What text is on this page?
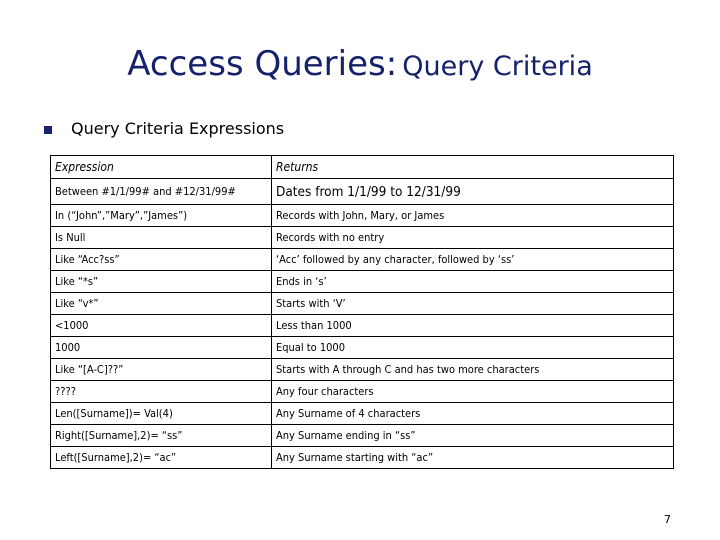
Access Queries: Query Criteria
Query Criteria Expressions
Expression	Returns
Between #1/1/99# and #12/31/99#	Dates from 1/1/99 to 12/31/99
In (“John”,”Mary”,”James”)	Records with John, Mary, or James
Is Null	Records with no entry
Like “Acc?ss”	‘Acc’ followed by any character, followed by ‘ss’
Like “*s”	Ends in ‘s’
Like “v*”	Starts with ‘V’
<1000	Less than 1000
1000	Equal to 1000
Like “[A-C]??”	Starts with A through C and has two more characters
????	Any four characters
Len([Surname])= Val(4)	Any Surname of 4 characters
Right([Surname],2)= “ss”	Any Surname ending in “ss”
Left([Surname],2)= “ac”	Any Surname starting with “ac”
7
